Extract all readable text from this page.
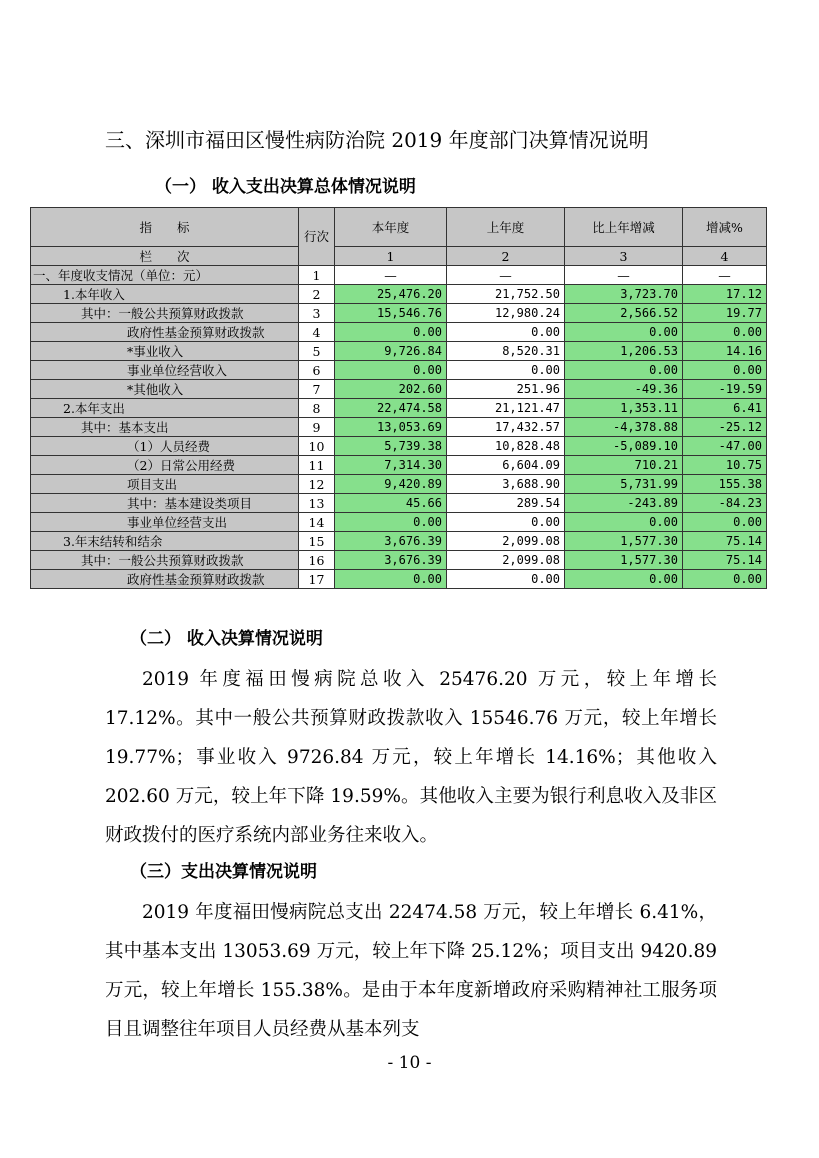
三、深圳市福田区慢性病防治院 2019 年度部门决算情况说明
（一） 收入支出决算总体情况说明
指　　标	行次	本年度	上年度	比上年增减	增减%
栏　　次		1	2	3	4
一、年度收支情况（单位：元）	1	—	—	—	—
1.本年收入	2	25,476.20	21,752.50	3,723.70	17.12
其中：一般公共预算财政拨款	3	15,546.76	12,980.24	2,566.52	19.77
政府性基金预算财政拨款	4	0.00	0.00	0.00	0.00
*事业收入	5	9,726.84	8,520.31	1,206.53	14.16
事业单位经营收入	6	0.00	0.00	0.00	0.00
*其他收入	7	202.60	251.96	-49.36	-19.59
2.本年支出	8	22,474.58	21,121.47	1,353.11	6.41
其中：基本支出	9	13,053.69	17,432.57	-4,378.88	-25.12
（1）人员经费	10	5,739.38	10,828.48	-5,089.10	-47.00
（2）日常公用经费	11	7,314.30	6,604.09	710.21	10.75
项目支出	12	9,420.89	3,688.90	5,731.99	155.38
其中：基本建设类项目	13	45.66	289.54	-243.89	-84.23
事业单位经营支出	14	0.00	0.00	0.00	0.00
3.年末结转和结余	15	3,676.39	2,099.08	1,577.30	75.14
其中：一般公共预算财政拨款	16	3,676.39	2,099.08	1,577.30	75.14
政府性基金预算财政拨款	17	0.00	0.00	0.00	0.00
（二） 收入决算情况说明
2019 年度福田慢病院总收入 25476.20 万元，较上年增长 17.12%。其中一般公共预算财政拨款收入 15546.76 万元，较上年增长 19.77%；事业收入 9726.84 万元，较上年增长 14.16%；其他收入 202.60 万元，较上年下降 19.59%。其他收入主要为银行利息收入及非区财政拨付的医疗系统内部业务往来收入。
（三）支出决算情况说明
2019 年度福田慢病院总支出 22474.58 万元，较上年增长 6.41%，其中基本支出 13053.69 万元，较上年下降 25.12%；项目支出 9420.89 万元，较上年增长 155.38%。是由于本年度新增政府采购精神社工服务项目且调整往年项目人员经费从基本列支
- 10 -
